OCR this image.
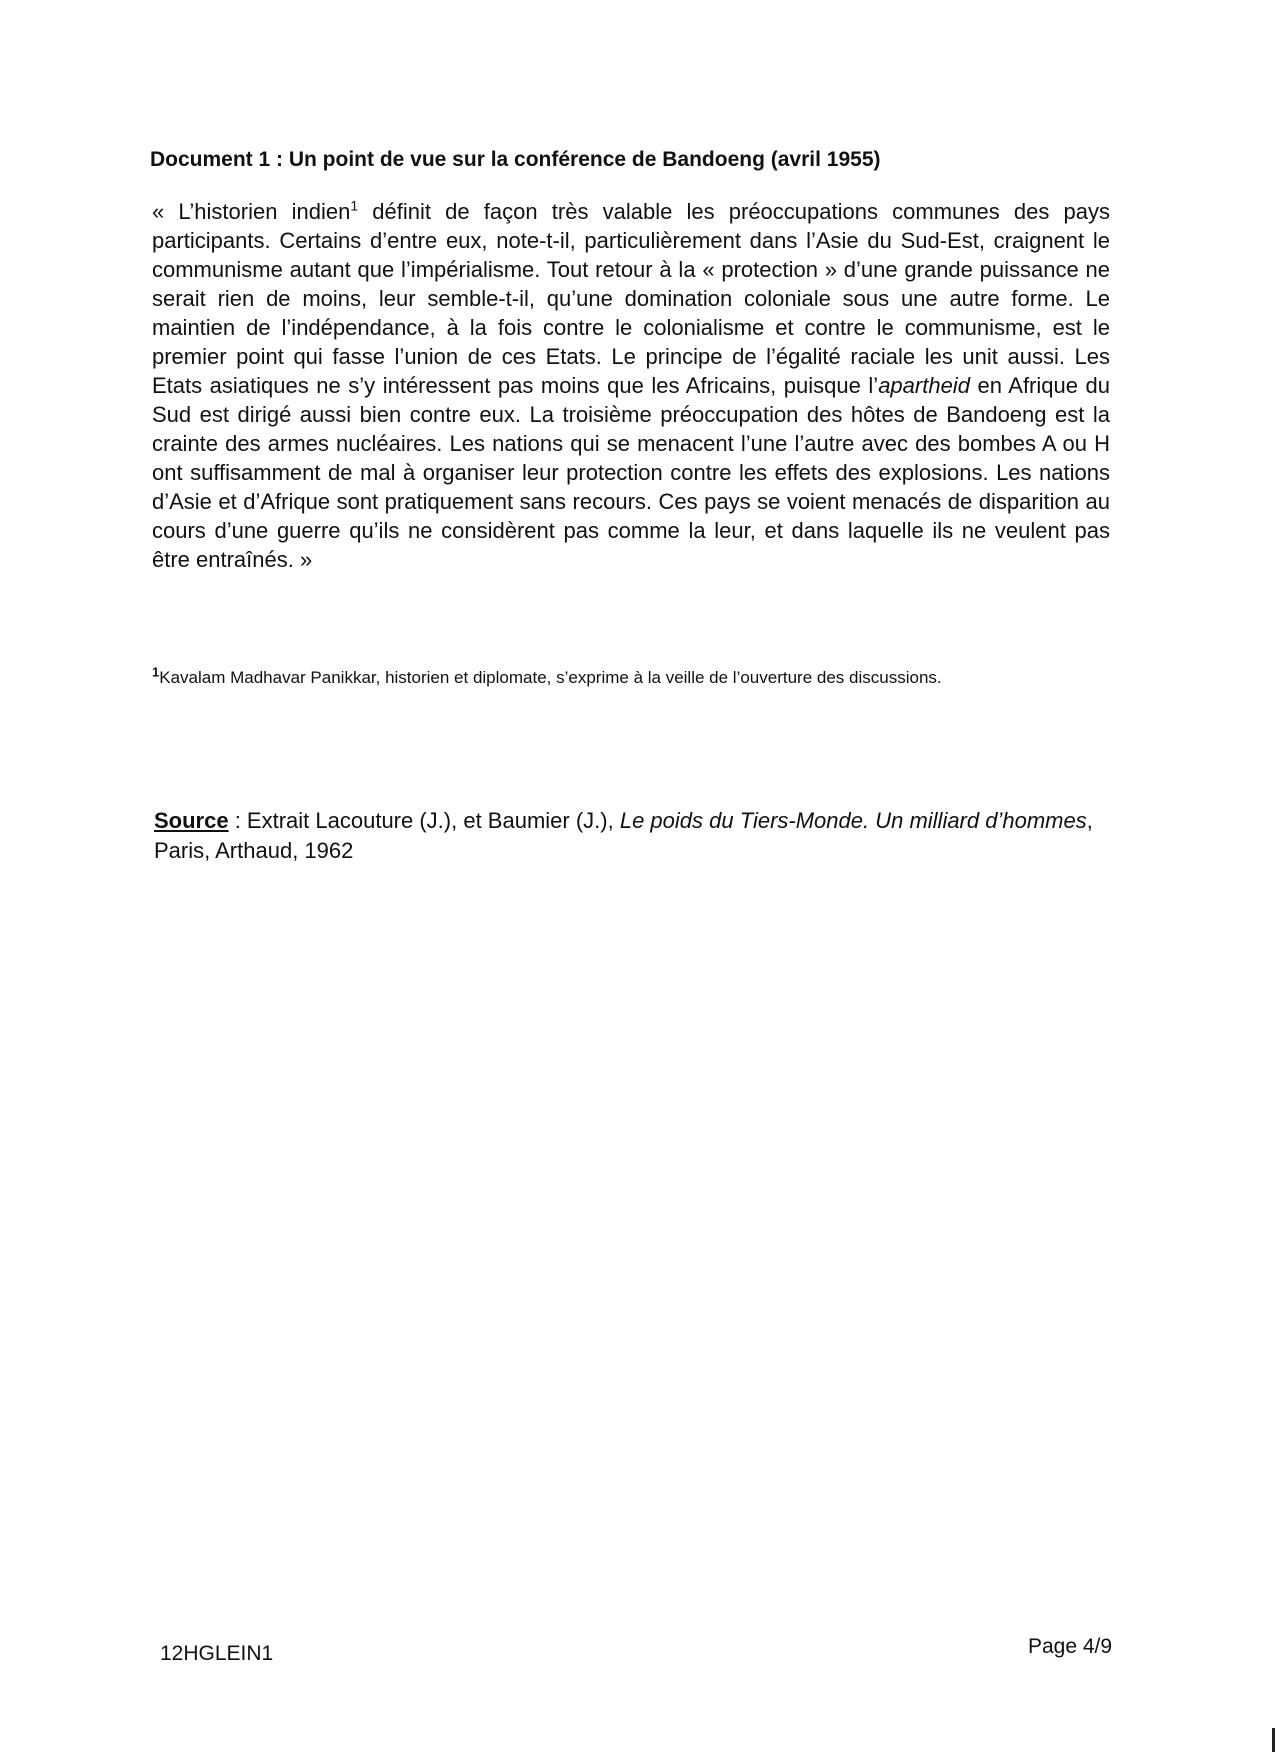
Document 1 : Un point de vue sur la conférence de Bandoeng (avril 1955)

« L’historien indien$^1$ définit de façon très valable les préoccupations communes des pays participants. Certains d’entre eux, note-t-il, particulièrement dans l’Asie du Sud-Est, craignent le communisme autant que l’impérialisme. Tout retour à la « protection » d’une grande puissance ne serait rien de moins, leur semble-t-il, qu’une domination coloniale sous une autre forme. Le maintien de l’indépendance, à la fois contre le colonialisme et contre le communisme, est le premier point qui fasse l’union de ces Etats. Le principe de l’égalité raciale les unit aussi. Les Etats asiatiques ne s’y intéressent pas moins que les Africains, puisque l’apartheid en Afrique du Sud est dirigé aussi bien contre eux. La troisième préoccupation des hôtes de Bandoeng est la crainte des armes nucléaires. Les nations qui se menacent l’une l’autre avec des bombes A ou H ont suffisamment de mal à organiser leur protection contre les effets des explosions. Les nations d’Asie et d’Afrique sont pratiquement sans recours. Ces pays se voient menacés de disparition au cours d’une guerre qu’ils ne considèrent pas comme la leur, et dans laquelle ils ne veulent pas être entraînés. »

$^1$Kavalam Madhavar Panikkar, historien et diplomate, s’exprime à la veille de l’ouverture des discussions.

Source : Extrait Lacouture (J.), et Baumier (J.), Le poids du Tiers-Monde. Un milliard d’hommes, Paris, Arthaud, 1962

12HGLEIN1	Page 4/9
